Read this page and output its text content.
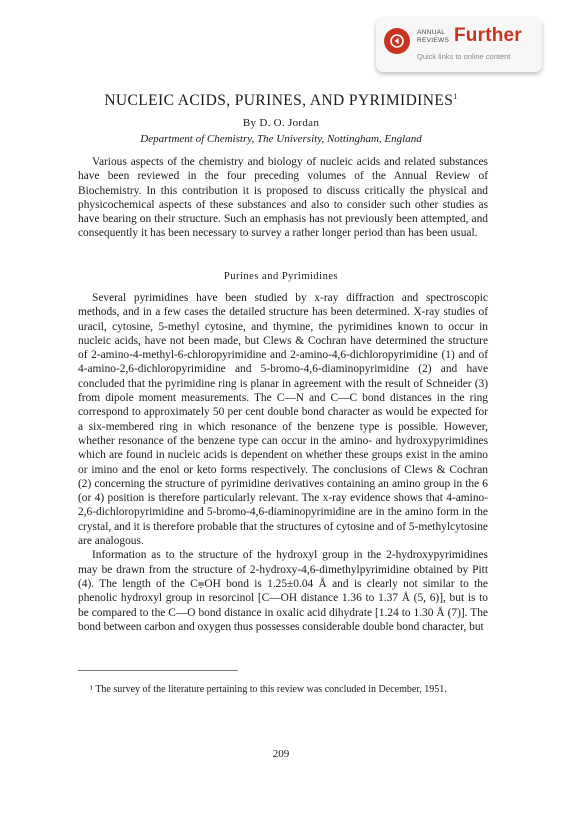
ANNUAL REVIEWS Further
Quick links to online content
NUCLEIC ACIDS, PURINES, AND PYRIMIDINES$^1$
By D. O. Jordan
Department of Chemistry, The University, Nottingham, England

Various aspects of the chemistry and biology of nucleic acids and related substances have been reviewed in the four preceding volumes of the Annual Review of Biochemistry. In this contribution it is proposed to discuss critically the physical and physicochemical aspects of these substances and also to consider such other studies as have bearing on their structure. Such an emphasis has not previously been attempted, and consequently it has been necessary to survey a rather longer period than has been usual.

Purines and Pyrimidines

Several pyrimidines have been studied by x-ray diffraction and spectroscopic methods, and in a few cases the detailed structure has been determined. X-ray studies of uracil, cytosine, 5-methyl cytosine, and thymine, the pyrimidines known to occur in nucleic acids, have not been made, but Clews & Cochran have determined the structure of 2-amino-4-methyl-6-chloropyrimidine and 2-amino-4,6-dichloropyrimidine (1) and of 4-amino-2,6-dichloropyrimidine and 5-bromo-4,6-diaminopyrimidine (2) and have concluded that the pyrimidine ring is planar in agreement with the result of Schneider (3) from dipole moment measurements. The C—N and C—C bond distances in the ring correspond to approximately 50 per cent double bond character as would be expected for a six-membered ring in which resonance of the benzene type is possible. However, whether resonance of the benzene type can occur in the amino- and hydroxypyrimidines which are found in nucleic acids is dependent on whether these groups exist in the amino or imino and the enol or keto forms respectively. The conclusions of Clews & Cochran (2) concerning the structure of pyrimidine derivatives containing an amino group in the 6 (or 4) position is therefore particularly relevant. The x-ray evidence shows that 4-amino-2,6-dichloropyrimidine and 5-bromo-4,6-diaminopyrimidine are in the amino form in the crystal, and it is therefore probable that the structures of cytosine and of 5-methylcytosine are analogous.

Information as to the structure of the hydroxyl group in the 2-hydroxypyrimidines may be drawn from the structure of 2-hydroxy-4,6-dimethylpyrimidine obtained by Pitt (4). The length of the C⩦OH bond is 1.25±0.04 Å and is clearly not similar to the phenolic hydroxyl group in resorcinol [C—OH distance 1.36 to 1.37 Å (5, 6)], but is to be compared to the C—O bond distance in oxalic acid dihydrate [1.24 to 1.30 Å (7)]. The bond between carbon and oxygen thus possesses considerable double bond character, but

¹ The survey of the literature pertaining to this review was concluded in December, 1951.

209
